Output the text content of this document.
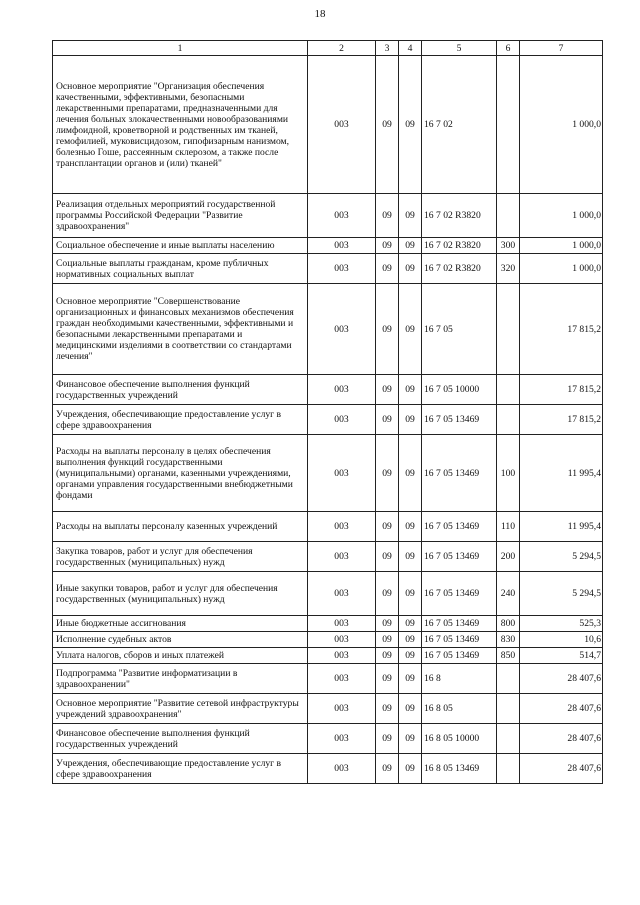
18
1	2	3	4	5	6	7
Основное мероприятие "Организация обеспечения качественными, эффективными, безопасными лекарственными препаратами, предназначенными для лечения больных злокачественными новообразованиями лимфоидной, кроветворной и родственных им тканей, гемофилией, муковисцидозом, гипофизарным нанизмом, болезнью Гоше, рассеянным склерозом, а также после трансплантации органов и (или) тканей"	003	09	09	16 7 02		1 000,0
Реализация отдельных мероприятий государственной программы Российской Федерации "Развитие здравоохранения"	003	09	09	16 7 02 R3820		1 000,0
Социальное обеспечение и иные выплаты населению	003	09	09	16 7 02 R3820	300	1 000,0
Социальные выплаты гражданам, кроме публичных нормативных социальных выплат	003	09	09	16 7 02 R3820	320	1 000,0
Основное мероприятие "Совершенствование организационных и финансовых механизмов обеспечения граждан необходимыми качественными, эффективными и безопасными лекарственными препаратами и медицинскими изделиями в соответствии со стандартами лечения"	003	09	09	16 7 05		17 815,2
Финансовое обеспечение выполнения функций государственных учреждений	003	09	09	16 7 05 10000		17 815,2
Учреждения, обеспечивающие предоставление услуг в сфере здравоохранения	003	09	09	16 7 05 13469		17 815,2
Расходы на выплаты персоналу в целях обеспечения выполнения функций государственными (муниципальными) органами, казенными учреждениями, органами управления государственными внебюджетными фондами	003	09	09	16 7 05 13469	100	11 995,4
Расходы на выплаты персоналу казенных учреждений	003	09	09	16 7 05 13469	110	11 995,4
Закупка товаров, работ и услуг для обеспечения государственных (муниципальных) нужд	003	09	09	16 7 05 13469	200	5 294,5
Иные закупки товаров, работ и услуг для обеспечения государственных (муниципальных) нужд	003	09	09	16 7 05 13469	240	5 294,5
Иные бюджетные ассигнования	003	09	09	16 7 05 13469	800	525,3
Исполнение судебных актов	003	09	09	16 7 05 13469	830	10,6
Уплата налогов, сборов и иных платежей	003	09	09	16 7 05 13469	850	514,7
Подпрограмма "Развитие информатизации в здравоохранении"	003	09	09	16 8		28 407,6
Основное мероприятие "Развитие сетевой инфраструктуры учреждений здравоохранения"	003	09	09	16 8 05		28 407,6
Финансовое обеспечение выполнения функций государственных учреждений	003	09	09	16 8 05 10000		28 407,6
Учреждения, обеспечивающие предоставление услуг в сфере здравоохранения	003	09	09	16 8 05 13469		28 407,6
